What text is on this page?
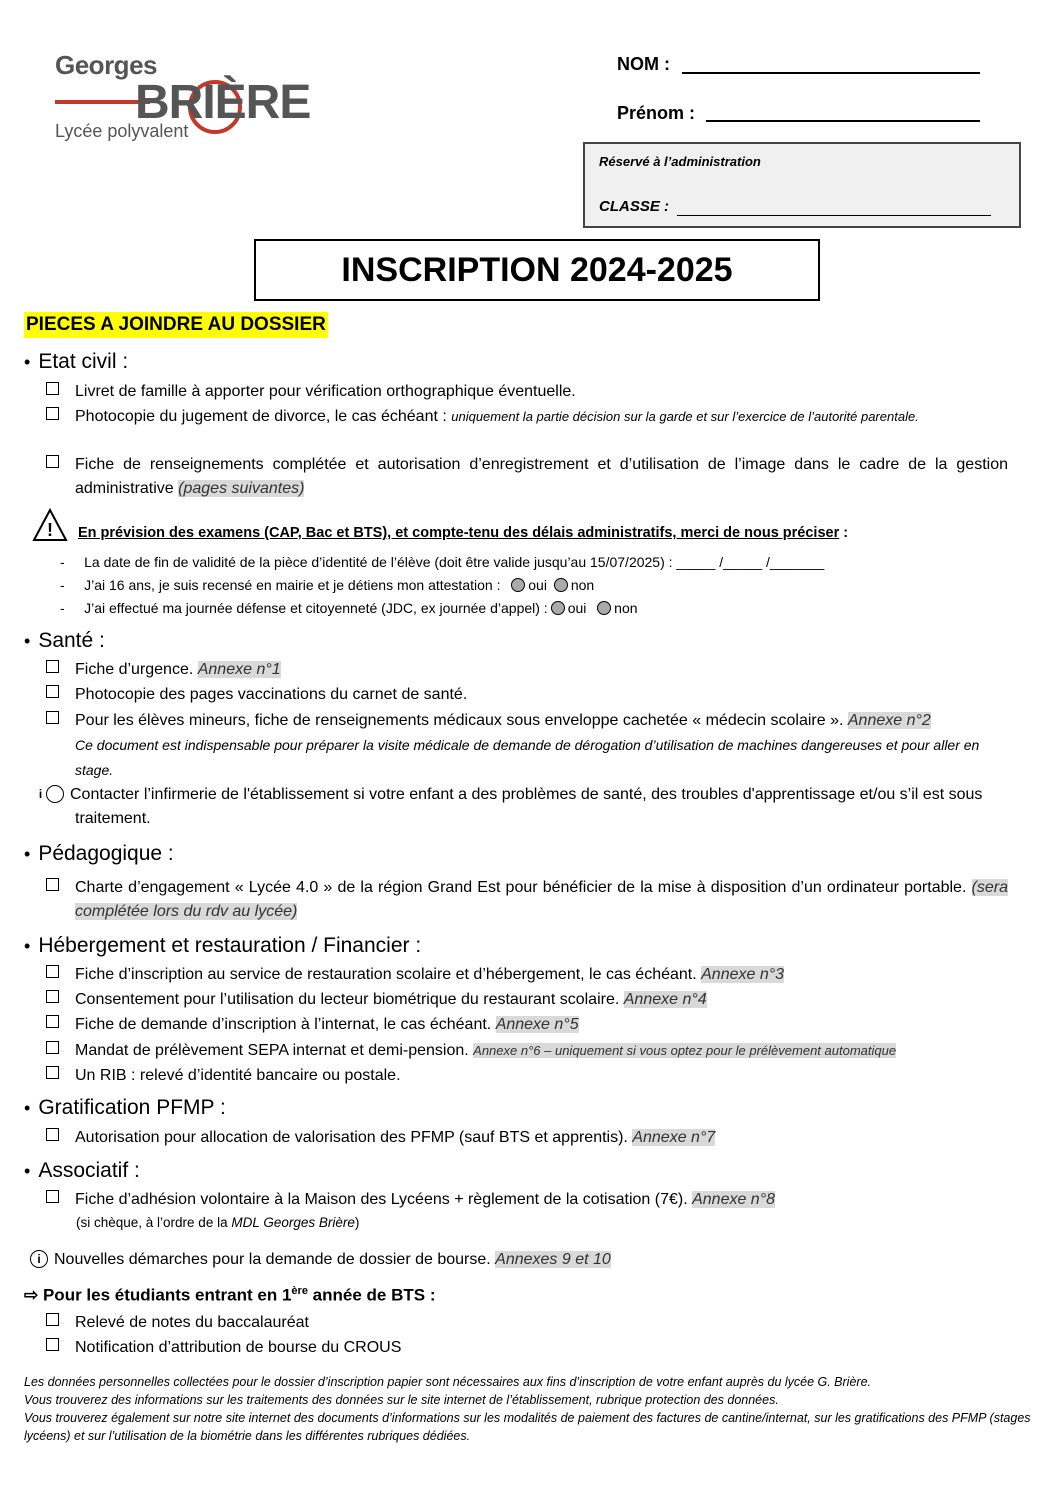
Georges
BRIÈRE
Lycée polyvalent
NOM :
Prénom :
Réservé à l’administration
CLASSE :
INSCRIPTION 2024-2025
PIECES A JOINDRE AU DOSSIER
• Etat civil :
Livret de famille à apporter pour vérification orthographique éventuelle.
Photocopie du jugement de divorce, le cas échéant : uniquement la partie décision sur la garde et sur l’exercice de l’autorité parentale.
Fiche de renseignements complétée et autorisation d’enregistrement et d’utilisation de l’image dans le cadre de la gestion administrative (pages suivantes)
! En prévision des examens (CAP, Bac et BTS), et compte-tenu des délais administratifs, merci de nous préciser :
-     La date de fin de validité de la pièce d’identité de l’élève (doit être valide jusqu’au 15/07/2025) : _____ /_____ /_______
-     J’ai 16 ans, je suis recensé en mairie et je détiens mon attestation : oui non
-     J’ai effectué ma journée défense et citoyenneté (JDC, ex journée d’appel) : oui non
• Santé :
Fiche d’urgence. Annexe n°1
Photocopie des pages vaccinations du carnet de santé.
Pour les élèves mineurs, fiche de renseignements médicaux sous enveloppe cachetée « médecin scolaire ». Annexe n°2
Ce document est indispensable pour préparer la visite médicale de demande de dérogation d’utilisation de machines dangereuses et pour aller en stage.
i Contacter l’infirmerie de l'établissement si votre enfant a des problèmes de santé, des troubles d'apprentissage et/ou s’il est sous traitement.
• Pédagogique :
Charte d’engagement « Lycée 4.0 » de la région Grand Est pour bénéficier de la mise à disposition d’un ordinateur portable. (sera complétée lors du rdv au lycée)
• Hébergement et restauration / Financier :
Fiche d’inscription au service de restauration scolaire et d’hébergement, le cas échéant. Annexe n°3
Consentement pour l’utilisation du lecteur biométrique du restaurant scolaire. Annexe n°4
Fiche de demande d’inscription à l’internat, le cas échéant. Annexe n°5
Mandat de prélèvement SEPA internat et demi-pension. Annexe n°6 – uniquement si vous optez pour le prélèvement automatique
Un RIB : relevé d’identité bancaire ou postale.
• Gratification PFMP :
Autorisation pour allocation de valorisation des PFMP (sauf BTS et apprentis). Annexe n°7
• Associatif :
Fiche d’adhésion volontaire à la Maison des Lycéens + règlement de la cotisation (7€). Annexe n°8
(si chèque, à l’ordre de la MDL Georges Brière)
i Nouvelles démarches pour la demande de dossier de bourse. Annexes 9 et 10
⇨ Pour les étudiants entrant en 1ère année de BTS :
Relevé de notes du baccalauréat
Notification d’attribution de bourse du CROUS
Les données personnelles collectées pour le dossier d’inscription papier sont nécessaires aux fins d’inscription de votre enfant auprès du lycée G. Brière.
Vous trouverez des informations sur les traitements des données sur le site internet de l’établissement, rubrique protection des données.
Vous trouverez également sur notre site internet des documents d’informations sur les modalités de paiement des factures de cantine/internat, sur les gratifications des PFMP (stages lycéens) et sur l’utilisation de la biométrie dans les différentes rubriques dédiées.
